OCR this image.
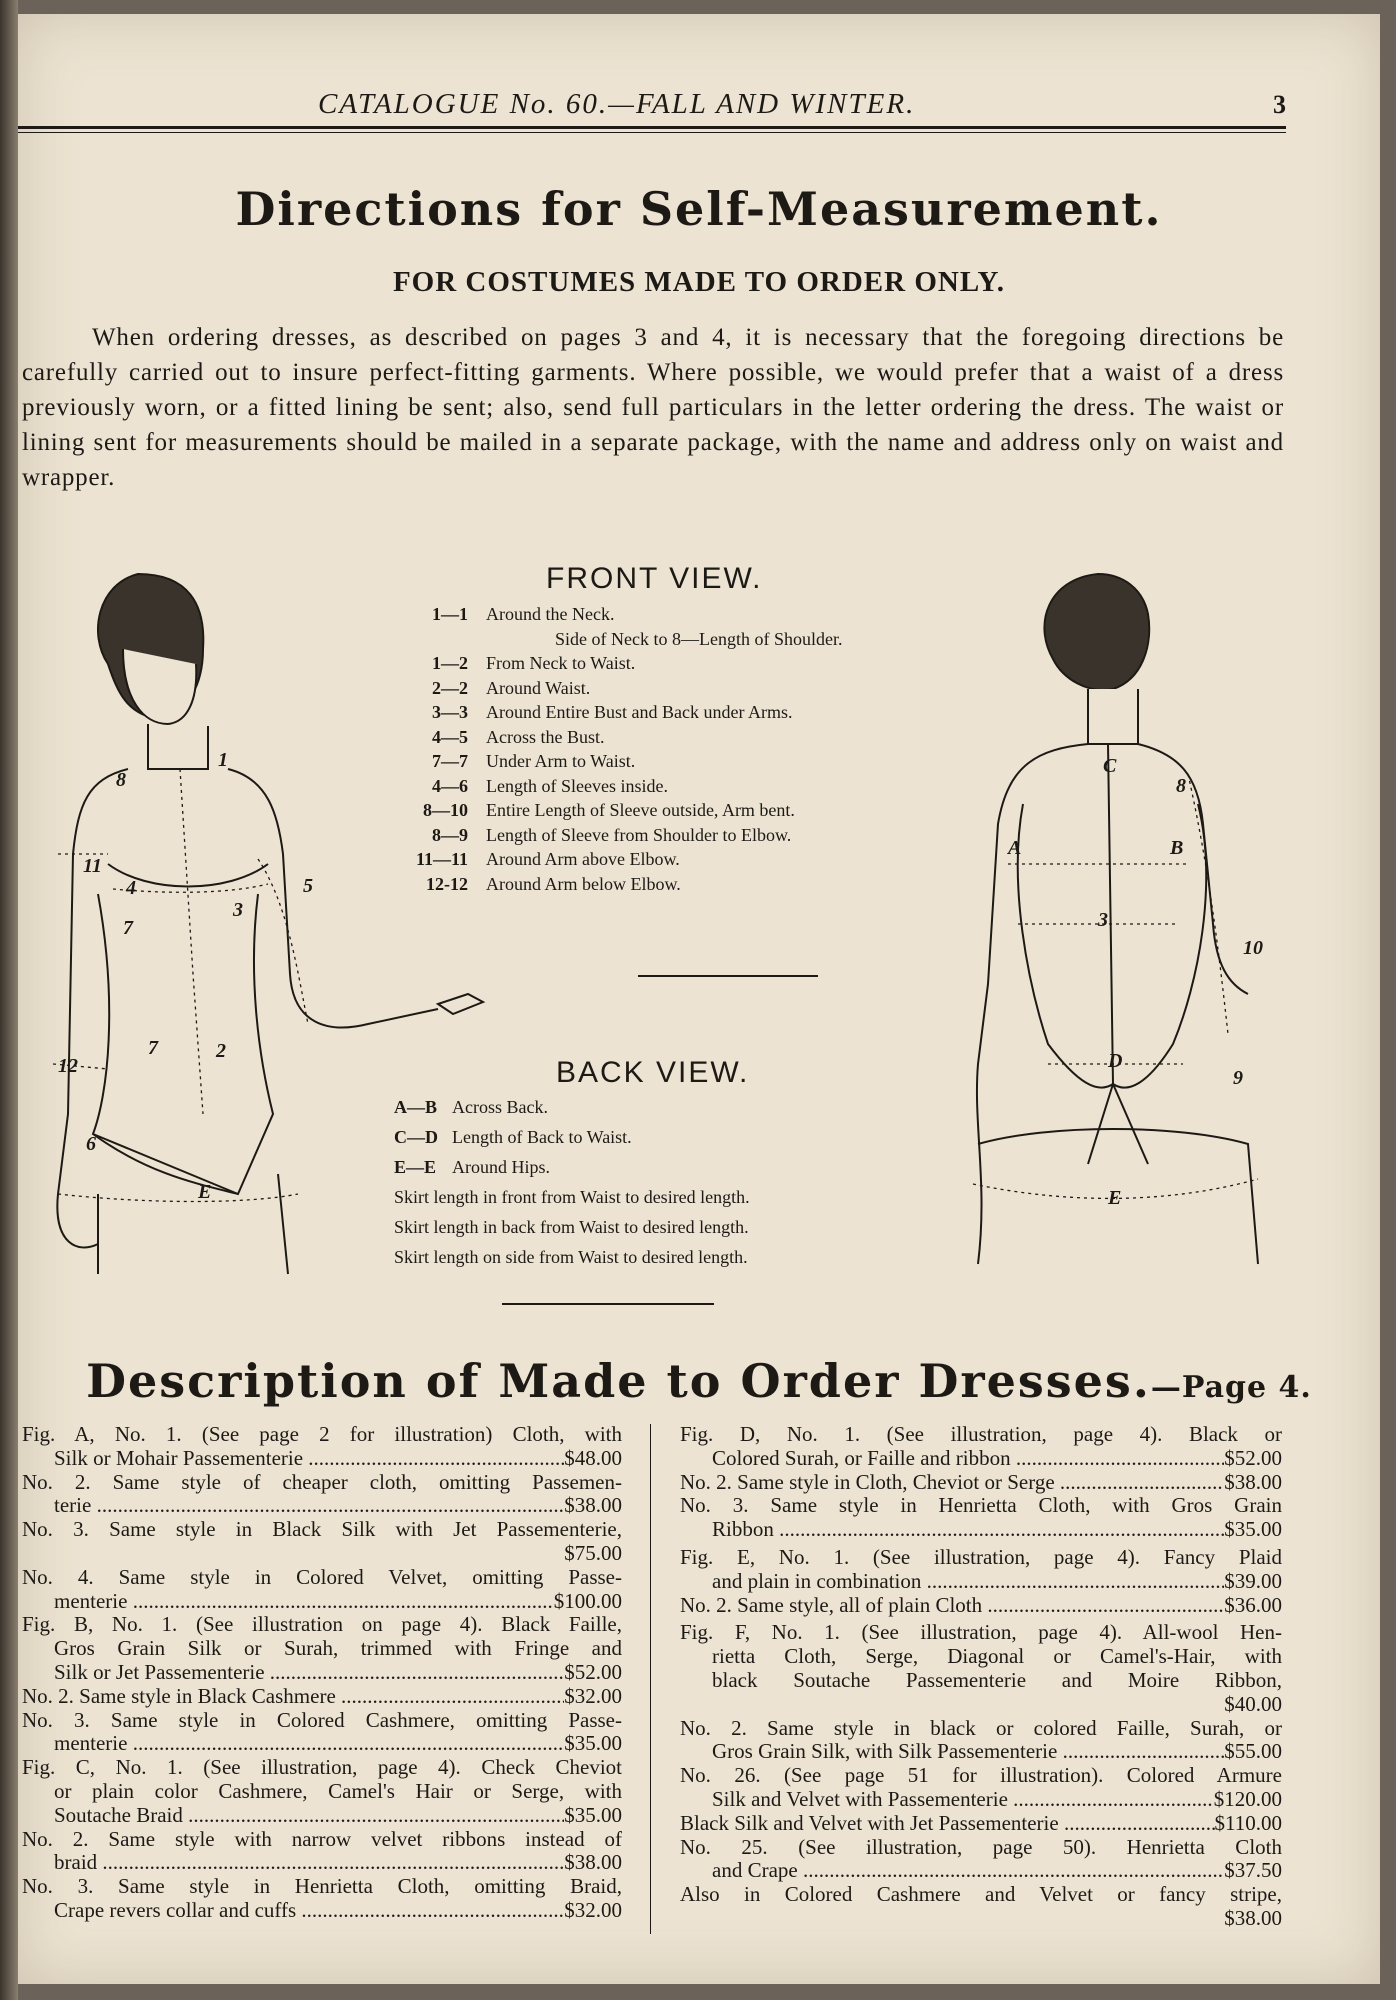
CATALOGUE No. 60.—FALL AND WINTER.	3
Directions for Self-Measurement.
FOR COSTUMES MADE TO ORDER ONLY.
When ordering dresses, as described on pages 3 and 4, it is necessary that the foregoing directions be carefully carried out to insure perfect-fitting garments. Where possible, we would prefer that a waist of a dress previously worn, or a fitted lining be sent; also, send full particulars in the letter ordering the dress. The waist or lining sent for measurements should be mailed in a separate package, with the name and address only on waist and wrapper.
8
1
11
4	5
3
7
7	2
12
6
E
FRONT VIEW.
1—1	Around the Neck.
Side of Neck to 8—Length of Shoulder.
1—2	From Neck to Waist.
2—2	Around Waist.
3—3	Around Entire Bust and Back under Arms.
4—5	Across the Bust.
7—7	Under Arm to Waist.
4—6	Length of Sleeves inside.
8—10	Entire Length of Sleeve outside, Arm bent.
8—9	Length of Sleeve from Shoulder to Elbow.
11—11	Around Arm above Elbow.
12-12	Around Arm below Elbow.
BACK VIEW.
A—B Across Back.
C—D Length of Back to Waist.
E—E Around Hips.
Skirt length in front from Waist to desired length.
Skirt length in back from Waist to desired length.
Skirt length on side from Waist to desired length.
C
8
A	B
3
10
D
9
E
Description of Made to Order Dresses.—Page 4.
Fig. A, No. 1. (See page 2 for illustration) Cloth, with
Silk or Mohair Passementerie .....	$48.00
No. 2. Same style of cheaper cloth, omitting Passemen-
terie .....	$38.00
No. 3. Same style in Black Silk with Jet Passementerie,
$75.00
No. 4. Same style in Colored Velvet, omitting Passe-
menterie .....	$100.00
Fig. B, No. 1. (See illustration on page 4). Black Faille,
Gros Grain Silk or Surah, trimmed with Fringe and
Silk or Jet Passementerie .....	$52.00
No. 2. Same style in Black Cashmere .....	$32.00
No. 3. Same style in Colored Cashmere, omitting Passe-
menterie .....	$35.00
Fig. C, No. 1. (See illustration, page 4). Check Cheviot
or plain color Cashmere, Camel's Hair or Serge, with
Soutache Braid .....	$35.00
No. 2. Same style with narrow velvet ribbons instead of
braid .....	$38.00
No. 3. Same style in Henrietta Cloth, omitting Braid,
Crape revers collar and cuffs .....	$32.00
Fig. D, No. 1. (See illustration, page 4). Black or
Colored Surah, or Faille and ribbon .....	$52.00
No. 2. Same style in Cloth, Cheviot or Serge .....	$38.00
No. 3. Same style in Henrietta Cloth, with Gros Grain
Ribbon .....	$35.00
Fig. E, No. 1. (See illustration, page 4). Fancy Plaid
and plain in combination .....	$39.00
No. 2. Same style, all of plain Cloth .....	$36.00
Fig. F, No. 1. (See illustration, page 4). All-wool Hen-
rietta Cloth, Serge, Diagonal or Camel's-Hair, with
black Soutache Passementerie and Moire Ribbon,
$40.00
No. 2. Same style in black or colored Faille, Surah, or
Gros Grain Silk, with Silk Passementerie .....	$55.00
No. 26. (See page 51 for illustration). Colored Armure
Silk and Velvet with Passementerie .....	$120.00
Black Silk and Velvet with Jet Passementerie .....	$110.00
No. 25. (See illustration, page 50). Henrietta Cloth
and Crape .....	$37.50
Also in Colored Cashmere and Velvet or fancy stripe,
$38.00
